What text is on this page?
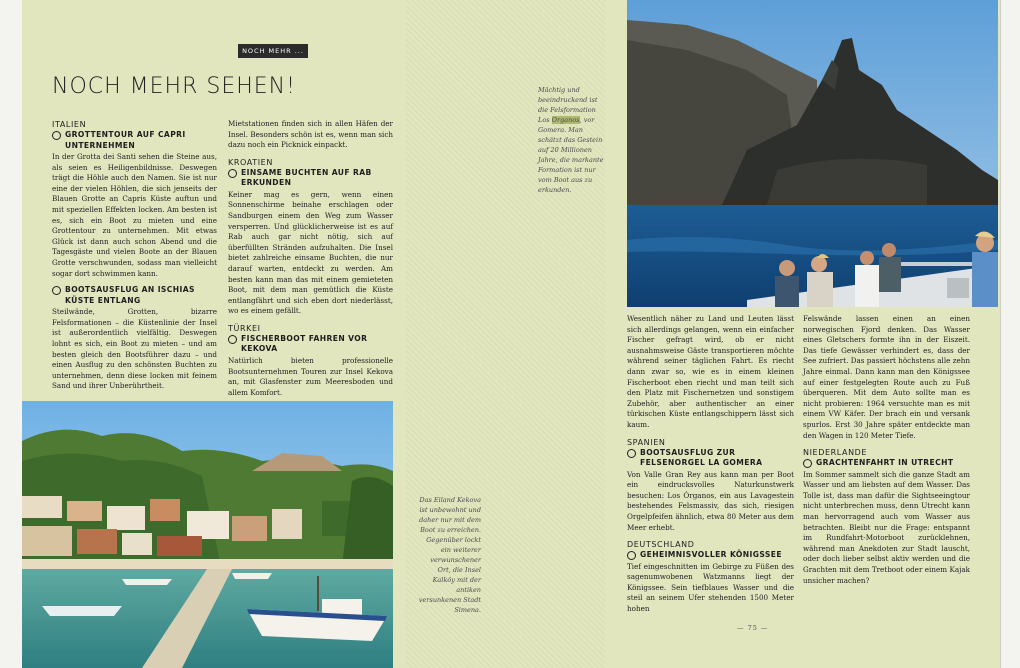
NOCH MEHR ...
NOCH MEHR SEHEN!

ITALIEN

GROTTENTOUR AUF CAPRI UNTERNEHMEN

In der Grotta dei Santi sehen die Steine aus, als seien es Heiligenbildnisse. Deswegen trägt die Höhle auch den Namen. Sie ist nur eine der vielen Höhlen, die sich jenseits der Blauen Grotte an Capris Küste auftun und mit speziellen Effekten locken. Am besten ist es, sich ein Boot zu mieten und eine Grottentour zu unternehmen. Mit etwas Glück ist dann auch schon Abend und die Tagesgäste und vielen Boote an der Blauen Grotte verschwunden, sodass man vielleicht sogar dort schwimmen kann.

BOOTSAUSFLUG AN ISCHIAS KÜSTE ENTLANG

Steilwände, Grotten, bizarre Felsformationen – die Küstenlinie der Insel ist außerordentlich vielfältig. Deswegen lohnt es sich, ein Boot zu mieten – und am besten gleich den Bootsführer dazu – und einen Ausflug zu den schönsten Buchten zu unternehmen, denn diese locken mit feinem Sand und ihrer Unberührtheit.

Mietstationen finden sich in allen Häfen der Insel. Besonders schön ist es, wenn man sich dazu noch ein Picknick einpackt.

KROATIEN

EINSAME BUCHTEN AUF RAB ERKUNDEN

Keiner mag es gern, wenn einen Sonnenschirme beinahe erschlagen oder Sandburgen einem den Weg zum Wasser versperren. Und glücklicherweise ist es auf Rab auch gar nicht nötig, sich auf überfüllten Stränden aufzuhalten. Die Insel bietet zahlreiche einsame Buchten, die nur darauf warten, entdeckt zu werden. Am besten kann man das mit einem gemieteten Boot, mit dem man gemütlich die Küste entlangfährt und sich eben dort niederlässt, wo es einem gefällt.

TÜRKEI

FISCHERBOOT FAHREN VOR KEKOVA

Natürlich bieten professionelle Bootsunternehmen Touren zur Insel Kekova an, mit Glasfenster zum Meeresboden und allem Komfort.

Das Eiland Kekova ist unbewohnt und daher nur mit dem Boot zu erreichen. Gegenüber lockt ein weiterer verwunschener Ort, die Insel Kalköy mit der antiken versunkenen Stadt Simena.

Mächtig und beeindruckend ist die Felsformation Los Organos, vor Gomera. Man schätzt das Gestein auf 20 Millionen Jahre, die markante Formation ist nur vom Boot aus zu erkunden.

Wesentlich näher zu Land und Leuten lässt sich allerdings gelangen, wenn ein einfacher Fischer gefragt wird, ob er nicht ausnahmsweise Gäste transportieren möchte während seiner täglichen Fahrt. Es riecht dann zwar so, wie es in einem kleinen Fischerboot eben riecht und man teilt sich den Platz mit Fischernetzen und sonstigem Zubehör, aber authentischer an einer türkischen Küste entlangschippern lässt sich kaum.

SPANIEN

BOOTSAUSFLUG ZUR FELSENORGEL LA GOMERA

Von Valle Gran Rey aus kann man per Boot ein eindrucksvolles Naturkunstwerk besuchen: Los Órganos, ein aus Lavagestein bestehendes Felsmassiv, das sich, riesigen Orgelpfeifen ähnlich, etwa 80 Meter aus dem Meer erhebt.

DEUTSCHLAND

GEHEIMNISVOLLER KÖNIGSSEE

Tief eingeschnitten im Gebirge zu Füßen des sagenumwobenen Watzmanns liegt der Königssee. Sein tiefblaues Wasser und die steil an seinem Ufer stehenden 1500 Meter hohen

Felswände lassen einen an einen norwegischen Fjord denken. Das Wasser eines Gletschers formte ihn in der Eiszeit. Das tiefe Gewässer verhindert es, dass der See zufriert. Das passiert höchstens alle zehn Jahre einmal. Dann kann man den Königssee auf einer festgelegten Route auch zu Fuß überqueren. Mit dem Auto sollte man es nicht probieren: 1964 versuchte man es mit einem VW Käfer. Der brach ein und versank spurlos. Erst 30 Jahre später entdeckte man den Wagen in 120 Meter Tiefe.

NIEDERLANDE

GRACHTENFAHRT IN UTRECHT

Im Sommer sammelt sich die ganze Stadt am Wasser und am liebsten auf dem Wasser. Das Tolle ist, dass man dafür die Sightseeingtour nicht unterbrechen muss, denn Utrecht kann man hervorragend auch vom Wasser aus betrachten. Bleibt nur die Frage: entspannt im Rundfahrt-Motorboot zurücklehnen, während man Anekdoten zur Stadt lauscht, oder doch lieber selbst aktiv werden und die Grachten mit dem Tretboot oder einem Kajak unsicher machen?

— 75 —
